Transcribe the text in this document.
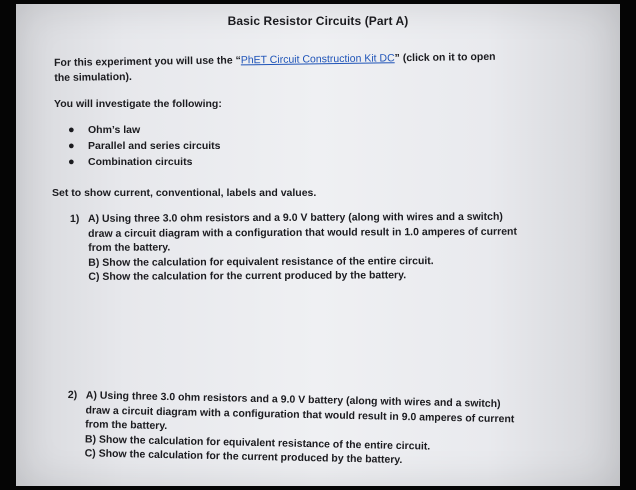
Basic Resistor Circuits (Part A)
For this experiment you will use the “PhET Circuit Construction Kit DC” (click on it to open the simulation).
You will investigate the following:
● Ohm’s law
● Parallel and series circuits
● Combination circuits
Set to show current, conventional, labels and values.
1) A) Using three 3.0 ohm resistors and a 9.0 V battery (along with wires and a switch) draw a circuit diagram with a configuration that would result in 1.0 amperes of current from the battery.
B) Show the calculation for equivalent resistance of the entire circuit.
C) Show the calculation for the current produced by the battery.
2) A) Using three 3.0 ohm resistors and a 9.0 V battery (along with wires and a switch) draw a circuit diagram with a configuration that would result in 9.0 amperes of current from the battery.
B) Show the calculation for equivalent resistance of the entire circuit.
C) Show the calculation for the current produced by the battery.
